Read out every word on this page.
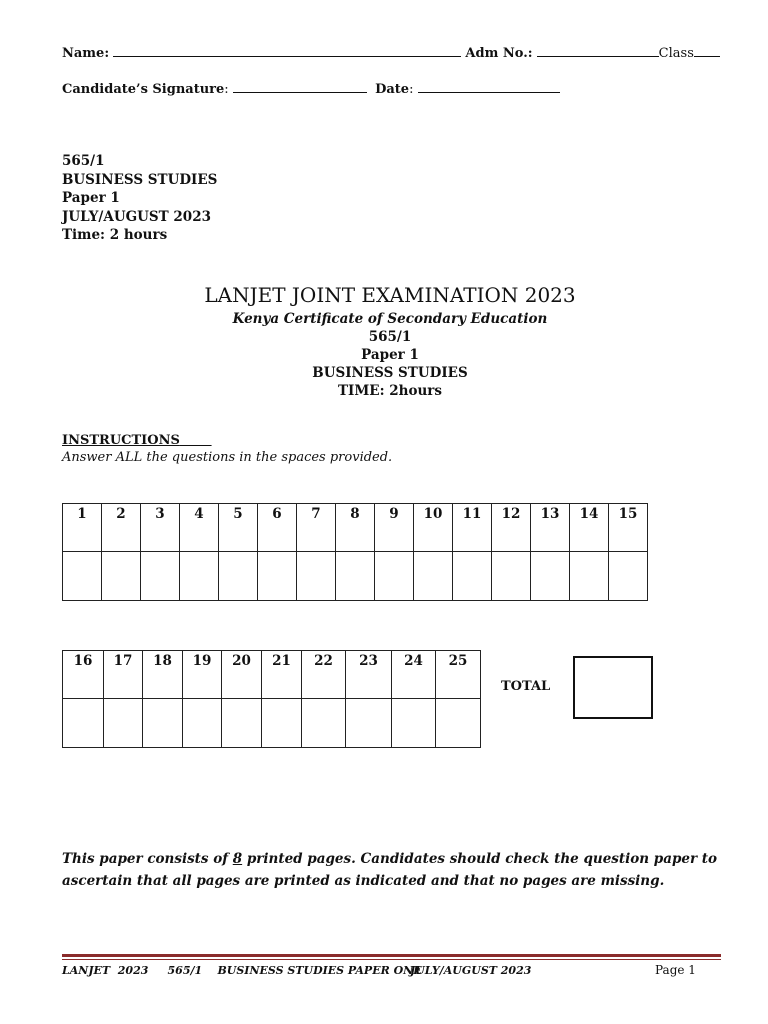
Name:	Adm No.:	Class
Candidate’s Signature:	Date:
565/1
BUSINESS STUDIES
Paper 1
JULY/AUGUST 2023
Time: 2 hours
LANJET JOINT EXAMINATION 2023
Kenya Certificate of Secondary Education
565/1
Paper 1
BUSINESS STUDIES
TIME: 2hours
INSTRUCTIONS
Answer ALL the questions in the spaces provided.
1	2	3	4	5	6	7	8	9	10	11	12	13	14	15

16	17	18	19	20	21	22	23	24	25

TOTAL
This paper consists of 8 printed pages. Candidates should check the question paper to ascertain that all pages are printed as indicated and that no pages are missing.
LANJET  2023     565/1    BUSINESS STUDIES PAPER ONE
JULY/AUGUST 2023	Page 1
